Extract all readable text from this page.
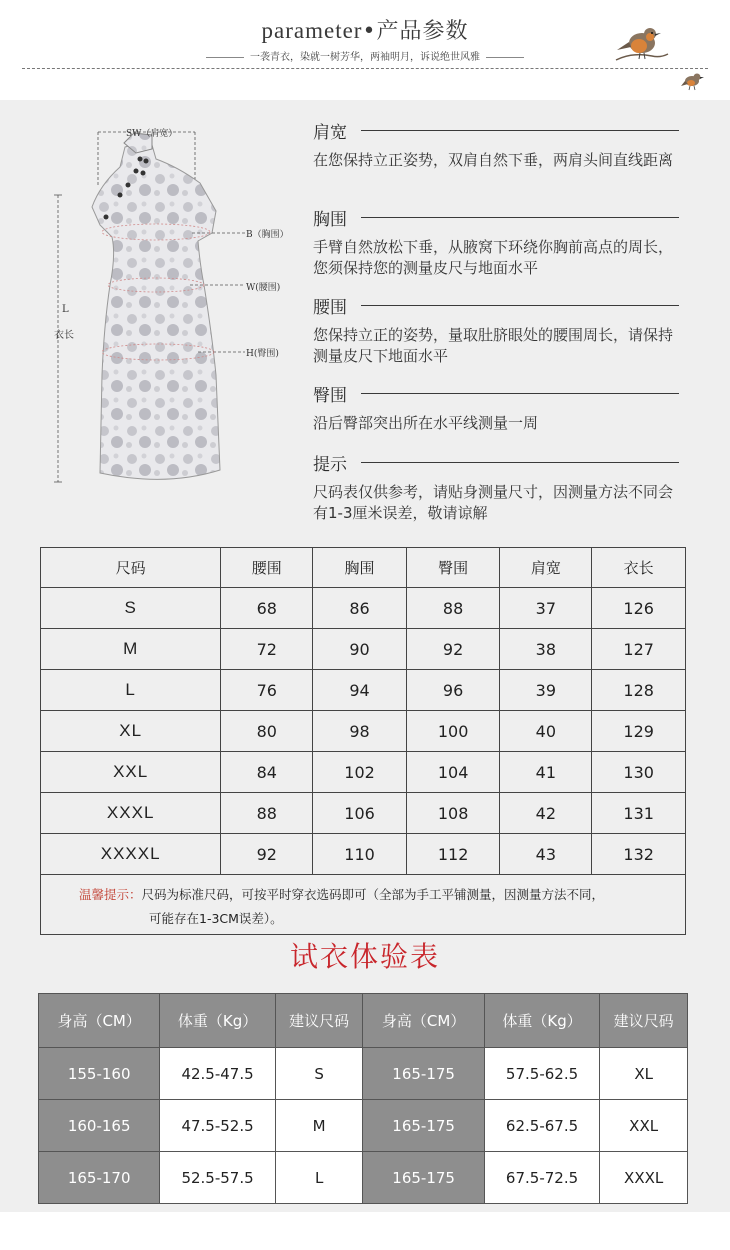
parameter•产品参数
一袭青衣，染就一树芳华，两袖明月，诉说绝世风雅
SW（肩宽）
B（胸围）
W(腰围)
H(臀围)
L
衣长
肩宽
在您保持立正姿势，双肩自然下垂，两肩头间直线距离
胸围
手臂自然放松下垂，从腋窝下环绕你胸前高点的周长，您须保持您的测量皮尺与地面水平
腰围
您保持立正的姿势，量取肚脐眼处的腰围周长，请保持测量皮尺下地面水平
臀围
沿后臀部突出所在水平线测量一周
提示
尺码表仅供参考，请贴身测量尺寸，因测量方法不同会有1-3厘米误差，敬请谅解
尺码	腰围	胸围	臀围	肩宽	衣长
S	68	86	88	37	126
M	72	90	92	38	127
L	76	94	96	39	128
XL	80	98	100	40	129
XXL	84	102	104	41	130
XXXL	88	106	108	42	131
XXXXL	92	110	112	43	132
温馨提示：尺码为标准尺码，可按平时穿衣选码即可（全部为手工平铺测量，因测量方法不同，
可能存在1-3CM误差）。					
试衣体验表
身高（CM）	体重（Kg）	建议尺码	身高（CM）	体重（Kg）	建议尺码
155-160	42.5-47.5	S	165-175	57.5-62.5	XL
160-165	47.5-52.5	M	165-175	62.5-67.5	XXL
165-170	52.5-57.5	L	165-175	67.5-72.5	XXXL
